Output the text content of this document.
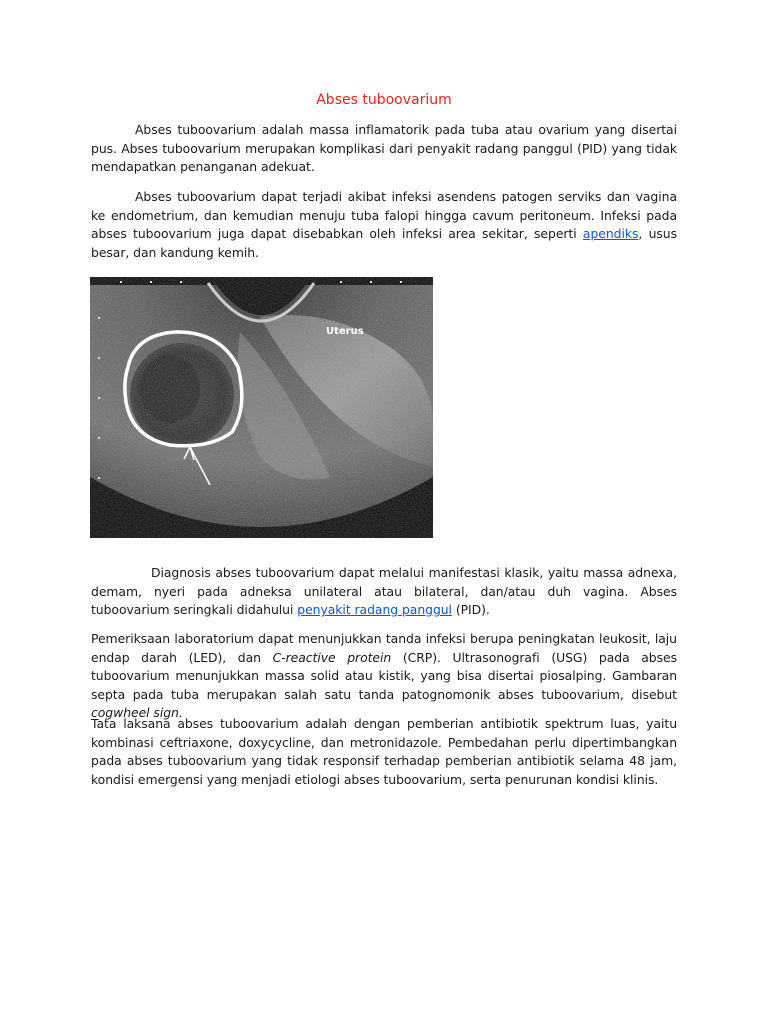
Abses tuboovarium

Abses tuboovarium adalah massa inflamatorik pada tuba atau ovarium yang disertai pus. Abses tuboovarium merupakan komplikasi dari penyakit radang panggul (PID) yang tidak mendapatkan penanganan adekuat.

Abses tuboovarium dapat terjadi akibat infeksi asendens patogen serviks dan vagina ke endometrium, dan kemudian menuju tuba falopi hingga cavum peritoneum. Infeksi pada abses tuboovarium juga dapat disebabkan oleh infeksi area sekitar, seperti apendiks, usus besar, dan kandung kemih.

Uterus

Diagnosis abses tuboovarium dapat melalui manifestasi klasik, yaitu massa adnexa, demam, nyeri pada adneksa unilateral atau bilateral, dan/atau duh vagina. Abses tuboovarium seringkali didahului penyakit radang panggul (PID).

Pemeriksaan laboratorium dapat menunjukkan tanda infeksi berupa peningkatan leukosit, laju endap darah (LED), dan C-reactive protein (CRP). Ultrasonografi (USG) pada abses tuboovarium menunjukkan massa solid atau kistik, yang bisa disertai piosalping. Gambaran septa pada tuba merupakan salah satu tanda patognomonik abses tuboovarium, disebut cogwheel sign.

Tata laksana abses tuboovarium adalah dengan pemberian antibiotik spektrum luas, yaitu kombinasi ceftriaxone, doxycycline, dan metronidazole. Pembedahan perlu dipertimbangkan pada abses tuboovarium yang tidak responsif terhadap pemberian antibiotik selama 48 jam, kondisi emergensi yang menjadi etiologi abses tuboovarium, serta penurunan kondisi klinis.
